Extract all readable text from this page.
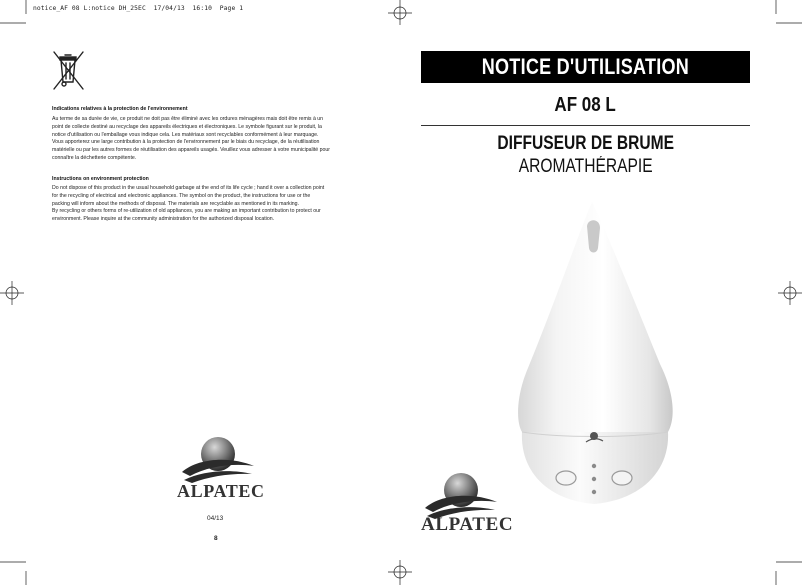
notice_AF 08 L:notice DH_25EC  17/04/13  16:10  Page 1
Indications relatives à la protection de l'environnement
Au terme de sa durée de vie, ce produit ne doit pas être éliminé avec les ordures ménagères mais doit être remis à un
point de collecte destiné au recyclage des appareils électriques et électroniques. Le symbole figurant sur le produit, la
notice d'utilisation ou l'emballage vous indique cela. Les matériaux sont recyclables conformément à leur marquage.
Vous apporterez une large contribution à la protection de l'environnement par le biais du recyclage, de la réutilisation
matérielle ou par les autres formes de réutilisation des appareils usagés. Veuillez vous adresser à votre municipalité pour
connaître la déchetterie compétente.
Instructions on environment protection
Do not dispose of this product in the usual household garbage at the end of its life cycle ; hand it over a collection point
for the recycling of electrical and electronic appliances. The symbol on the product, the instructions for use or the
packing will inform about the methods of disposal. The materials are recyclable as mentioned in its marking.
By recycling or others forms of re-utilization of old appliances, you are making an important contribution to protect our
environment. Please inquire at the community administration for the authorized disposal location.
ALPATEC
04/13
8
NOTICE D'UTILISATION
AF 08 L
DIFFUSEUR DE BRUME
AROMATHÉRAPIE
ALPATEC
